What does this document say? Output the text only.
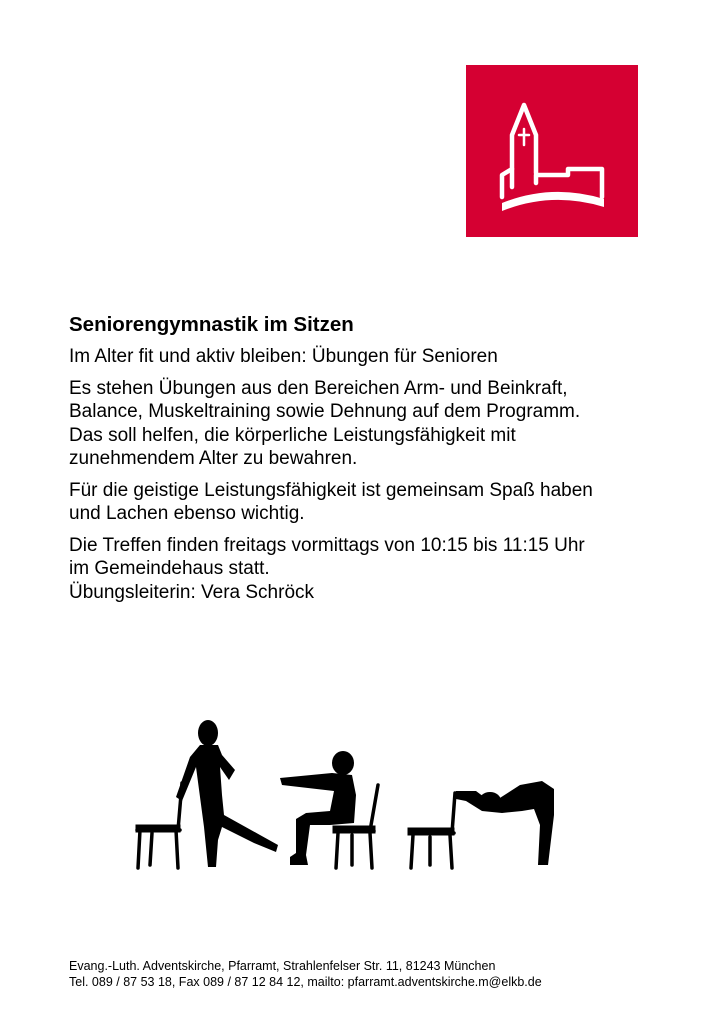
Seniorengymnastik im Sitzen
Im Alter fit und aktiv bleiben: Übungen für Senioren
Es stehen Übungen aus den Bereichen Arm- und Beinkraft,
Balance, Muskeltraining sowie Dehnung auf dem Programm.
Das soll helfen, die körperliche Leistungsfähigkeit mit
zunehmendem Alter zu bewahren.
Für die geistige Leistungsfähigkeit ist gemeinsam Spaß haben
und Lachen ebenso wichtig.
Die Treffen finden freitags vormittags von 10:15 bis 11:15 Uhr
im Gemeindehaus statt.
Übungsleiterin: Vera Schröck
Evang.-Luth. Adventskirche, Pfarramt, Strahlenfelser Str. 11, 81243 München
Tel. 089 / 87 53 18, Fax 089 / 87 12 84 12, mailto: pfarramt.adventskirche.m@elkb.de
